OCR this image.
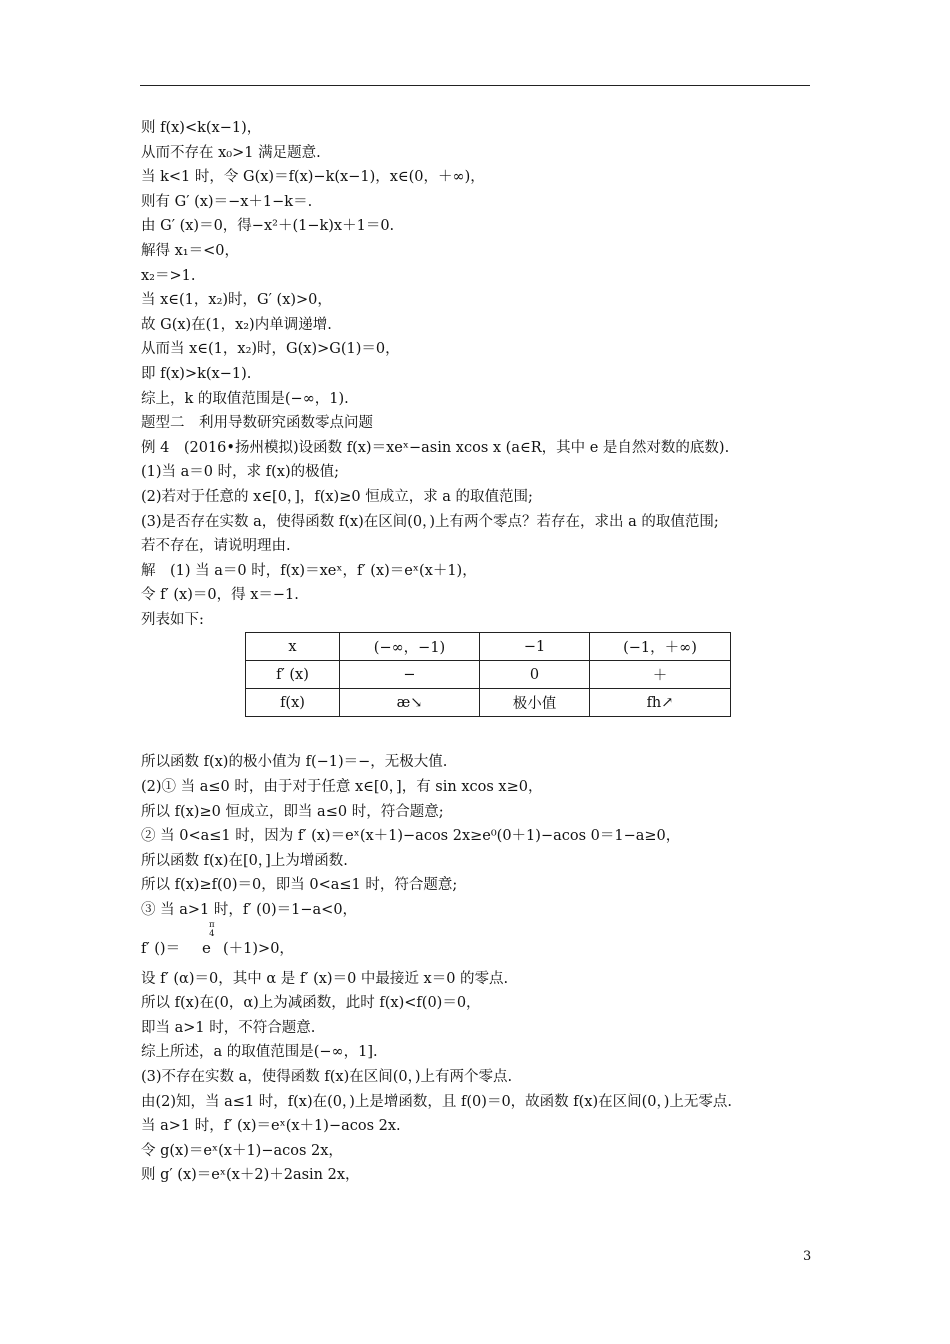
则 f(x)<k(x−1)，
从而不存在 x₀>1 满足题意.
当 k<1 时，令 G(x)＝f(x)−k(x−1)，x∈(0，＋∞)，
则有 G′ (x)＝−x＋1−k＝.
由 G′ (x)＝0，得−x²＋(1−k)x＋1＝0.
解得 x₁＝<0，
x₂＝>1.
当 x∈(1，x₂)时，G′ (x)>0，
故 G(x)在(1，x₂)内单调递增.
从而当 x∈(1，x₂)时，G(x)>G(1)＝0，
即 f(x)>k(x−1).
综上，k 的取值范围是(−∞，1).
题型二　利用导数研究函数零点问题
例 4　(2016•扬州模拟)设函数 f(x)＝xeˣ−asin xcos x (a∈R，其中 e 是自然对数的底数).
(1)当 a＝0 时，求 f(x)的极值;
(2)若对于任意的 x∈[0，]，f(x)≥0 恒成立，求 a 的取值范围;
(3)是否存在实数 a，使得函数 f(x)在区间(0，)上有两个零点？若存在，求出 a 的取值范围;
若不存在，请说明理由.
解　(1) 当 a＝0 时，f(x)＝xeˣ，f′ (x)＝eˣ(x＋1)，
令 f′ (x)＝0，得 x＝−1.
列表如下:
x	(−∞，−1)	−1	(−1，＋∞)
f′ (x)	−	0	＋
f(x)	æ↘	极小值	fh↗
所以函数 f(x)的极小值为 f(−1)＝−，无极大值.
(2)① 当 a≤0 时，由于对于任意 x∈[0，]，有 sin xcos x≥0，
所以 f(x)≥0 恒成立，即当 a≤0 时，符合题意;
② 当 0<a≤1 时，因为 f′ (x)＝eˣ(x＋1)−acos 2x≥e⁰(0＋1)−acos 0＝1−a≥0，
所以函数 f(x)在[0，]上为增函数.
所以 f(x)≥f(0)＝0，即当 0<a≤1 时，符合题意;
③ 当 a>1 时，f′ (0)＝1−a<0，
f′ ()＝ e
π
4
(＋1)>0，
设 f′ (α)＝0，其中 α 是 f′ (x)＝0 中最接近 x＝0 的零点.
所以 f(x)在(0，α)上为减函数，此时 f(x)<f(0)＝0，
即当 a>1 时，不符合题意.
综上所述，a 的取值范围是(−∞，1].
(3)不存在实数 a，使得函数 f(x)在区间(0，)上有两个零点.
由(2)知，当 a≤1 时，f(x)在(0，)上是增函数，且 f(0)＝0，故函数 f(x)在区间(0，)上无零点.
当 a>1 时，f′ (x)＝eˣ(x＋1)−acos 2x.
令 g(x)＝eˣ(x＋1)−acos 2x，
则 g′ (x)＝eˣ(x＋2)＋2asin 2x，
3
